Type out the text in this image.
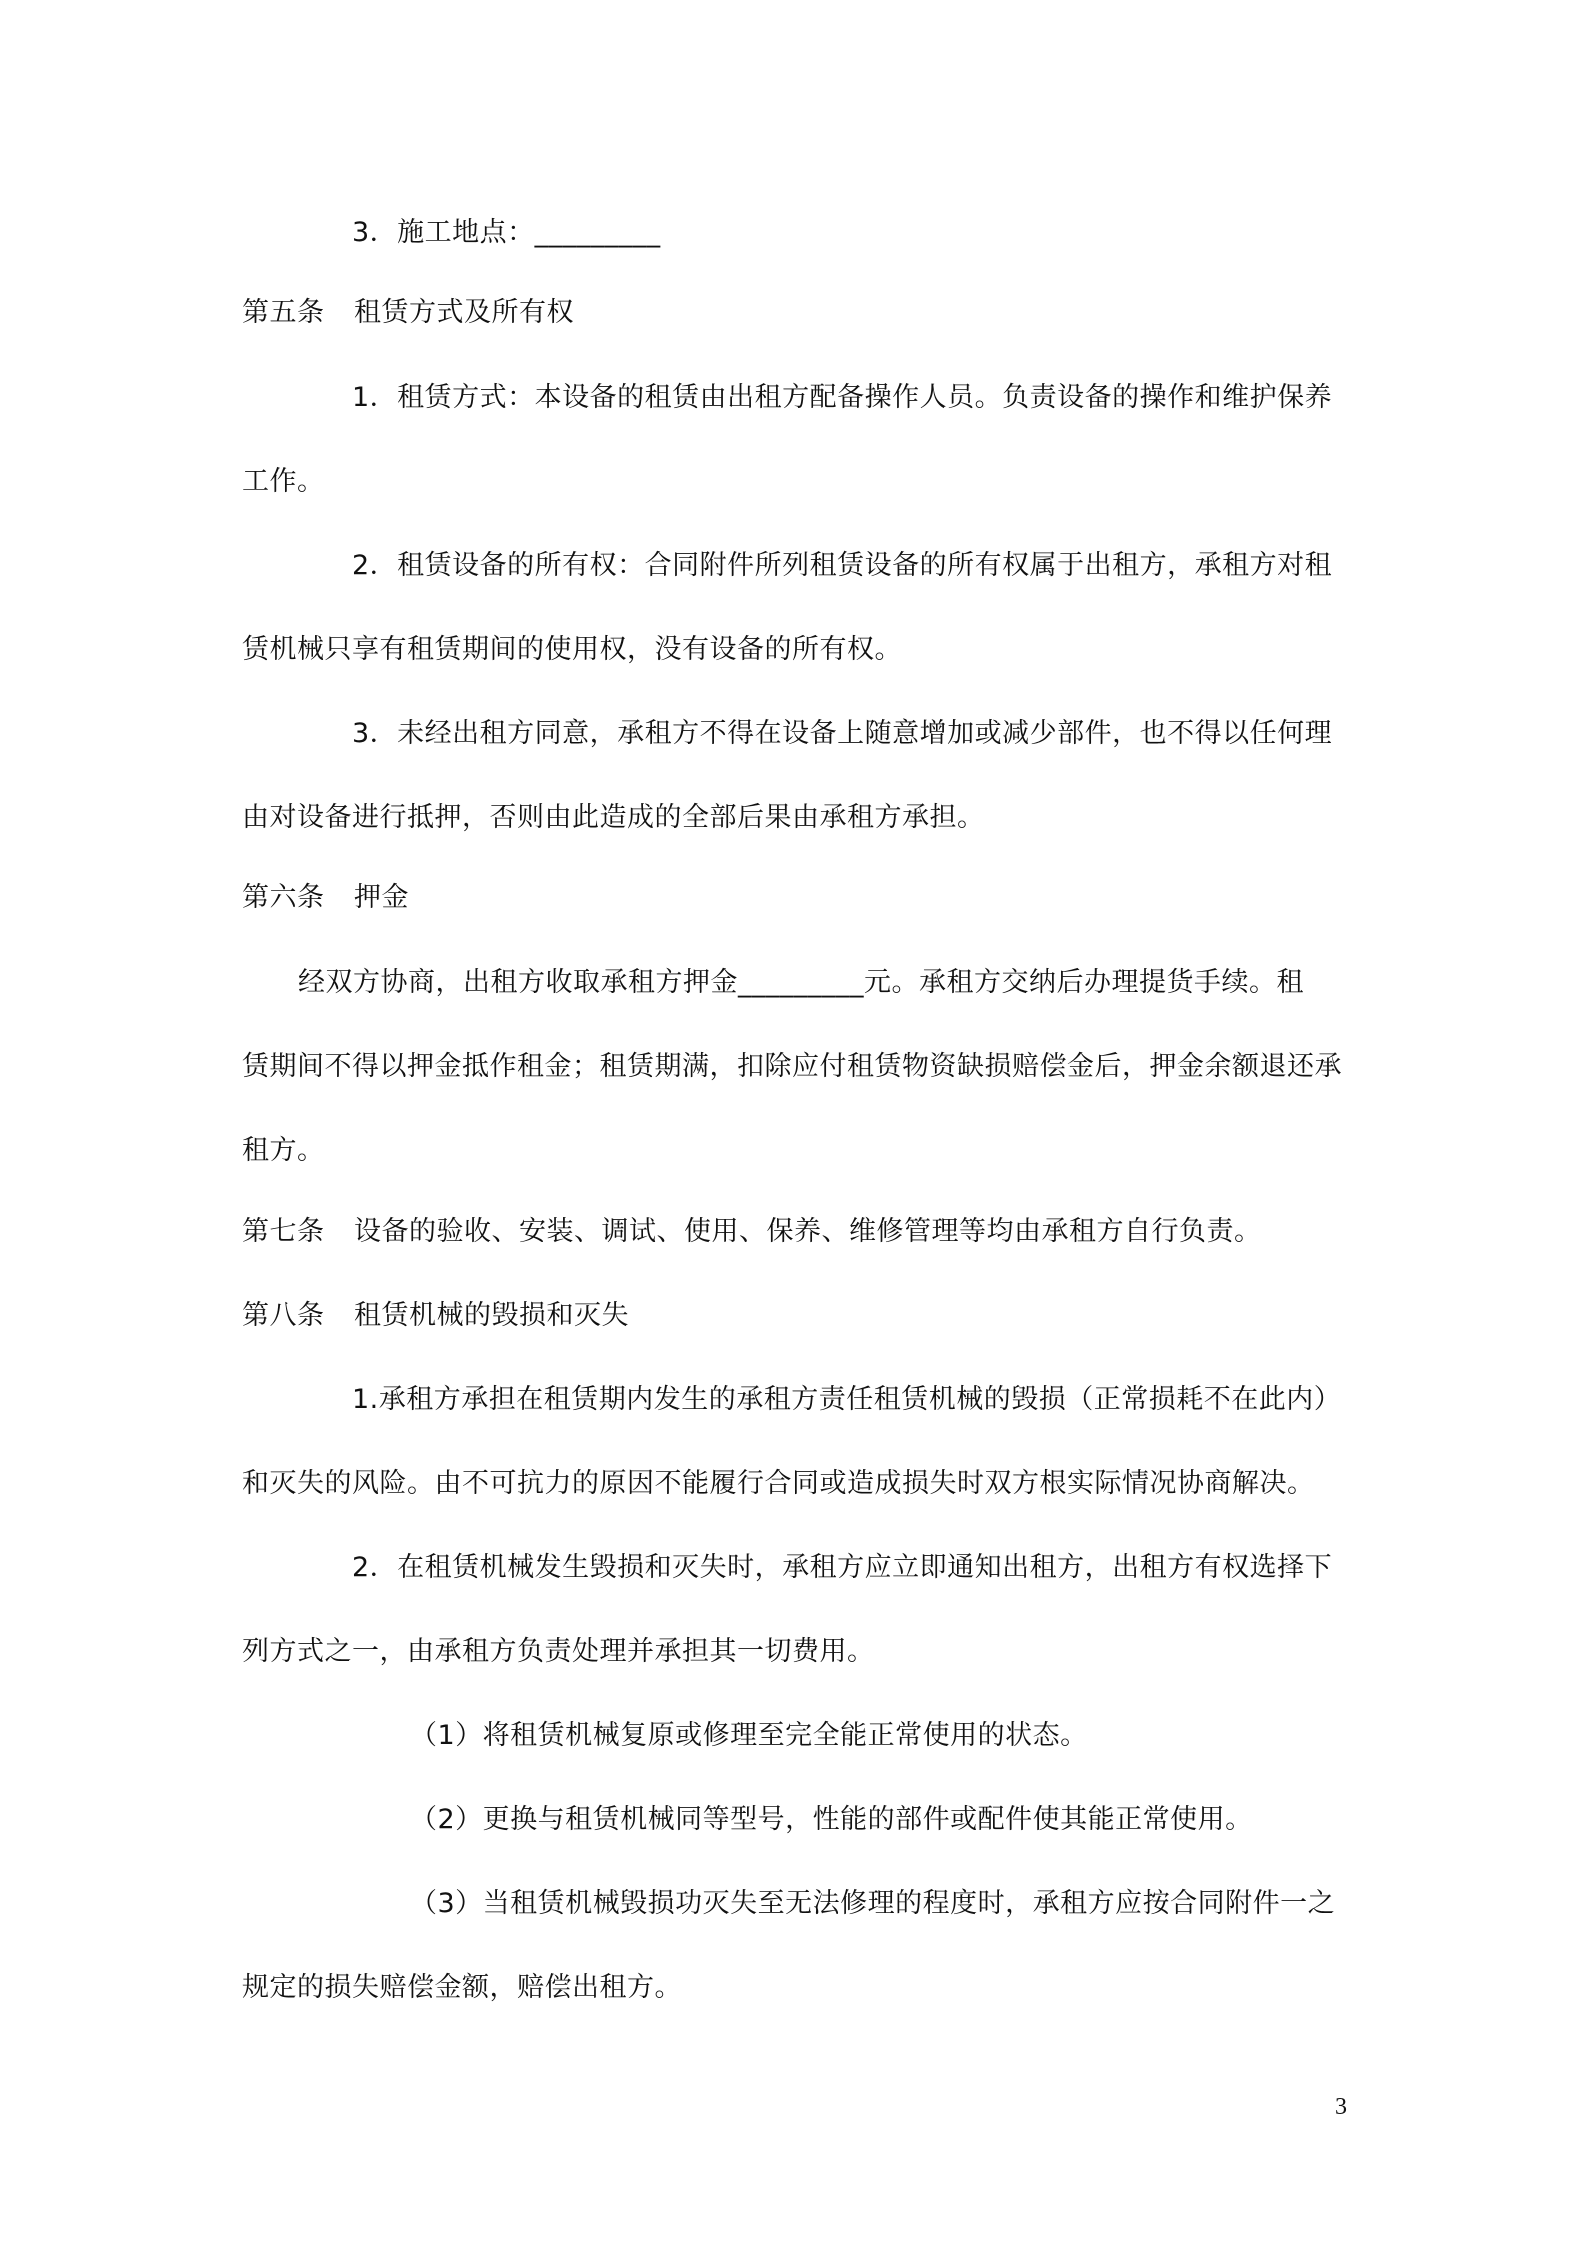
3．施工地点：_________
第五条 租赁方式及所有权
1．租赁方式：本设备的租赁由出租方配备操作人员。负责设备的操作和维护保养
工作。
2．租赁设备的所有权：合同附件所列租赁设备的所有权属于出租方，承租方对租
赁机械只享有租赁期间的使用权，没有设备的所有权。
3．未经出租方同意，承租方不得在设备上随意增加或减少部件，也不得以任何理
由对设备进行抵押，否则由此造成的全部后果由承租方承担。
第六条 押金
经双方协商，出租方收取承租方押金_________元。承租方交纳后办理提货手续。租
赁期间不得以押金抵作租金；租赁期满，扣除应付租赁物资缺损赔偿金后，押金余额退还承
租方。
第七条 设备的验收、安装、调试、使用、保养、维修管理等均由承租方自行负责。
第八条 租赁机械的毁损和灭失
1.承租方承担在租赁期内发生的承租方责任租赁机械的毁损（正常损耗不在此内）
和灭失的风险。由不可抗力的原因不能履行合同或造成损失时双方根实际情况协商解决。
2．在租赁机械发生毁损和灭失时，承租方应立即通知出租方，出租方有权选择下
列方式之一，由承租方负责处理并承担其一切费用。
（1）将租赁机械复原或修理至完全能正常使用的状态。
（2）更换与租赁机械同等型号，性能的部件或配件使其能正常使用。
（3）当租赁机械毁损功灭失至无法修理的程度时，承租方应按合同附件一之
规定的损失赔偿金额，赔偿出租方。
3
